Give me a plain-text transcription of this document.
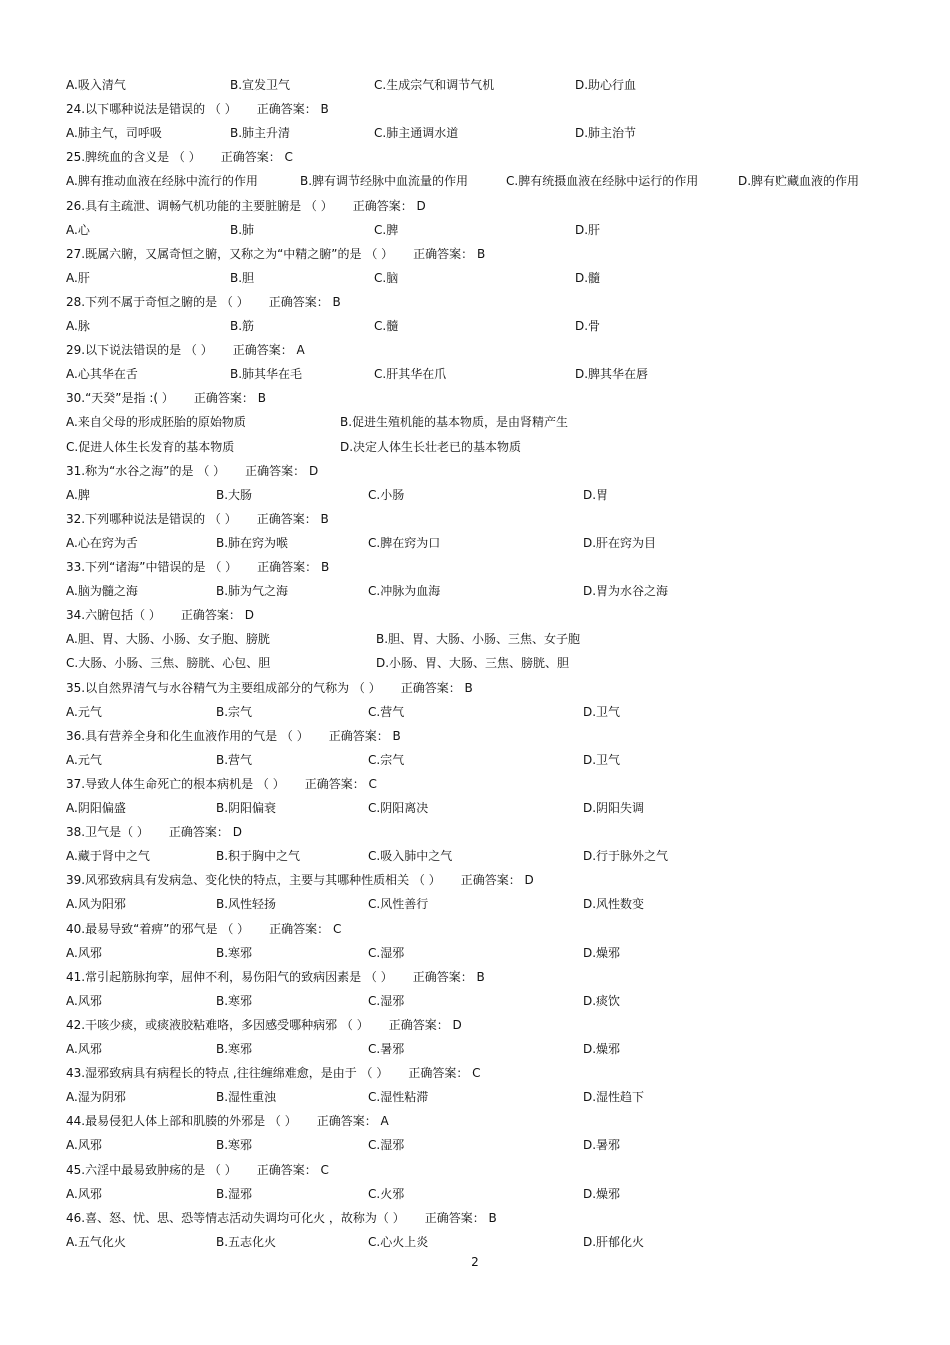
A.吸入清气	B.宣发卫气	C.生成宗气和调节气机	D.助心行血
24.以下哪种说法是错误的 （ ） 正确答案： B
A.肺主气，司呼吸	B.肺主升清	C.肺主通调水道	D.肺主治节
25.脾统血的含义是 （ ） 正确答案： C
A.脾有推动血液在经脉中流行的作用	B.脾有调节经脉中血流量的作用	C.脾有统摄血液在经脉中运行的作用	D.脾有贮藏血液的作用
26.具有主疏泄、调畅气机功能的主要脏腑是 （ ） 正确答案： D
A.心	B.肺	C.脾	D.肝
27.既属六腑，又属奇恒之腑，又称之为“中精之腑”的是 （ ） 正确答案： B
A.肝	B.胆	C.脑	D.髓
28.下列不属于奇恒之腑的是 （ ） 正确答案： B
A.脉	B.筋	C.髓	D.骨
29.以下说法错误的是 （ ） 正确答案： A
A.心其华在舌	B.肺其华在毛	C.肝其华在爪	D.脾其华在唇
30.“天癸”是指 :( ） 正确答案： B
A.来自父母的形成胚胎的原始物质	B.促进生殖机能的基本物质，是由肾精产生
C.促进人体生长发育的基本物质	D.决定人体生长壮老已的基本物质
31.称为“水谷之海”的是 （ ） 正确答案： D
A.脾	B.大肠	C.小肠	D.胃
32.下列哪种说法是错误的 （ ） 正确答案： B
A.心在窍为舌	B.肺在窍为喉	C.脾在窍为口	D.肝在窍为目
33.下列“诸海”中错误的是 （ ） 正确答案： B
A.脑为髓之海	B.肺为气之海	C.冲脉为血海	D.胃为水谷之海
34.六腑包括（ ） 正确答案： D
A.胆、胃、大肠、小肠、女子胞、膀胱	B.胆、胃、大肠、小肠、三焦、女子胞
C.大肠、小肠、三焦、膀胱、心包、胆	D.小肠、胃、大肠、三焦、膀胱、胆
35.以自然界清气与水谷精气为主要组成部分的气称为 （ ） 正确答案： B
A.元气	B.宗气	C.营气	D.卫气
36.具有营养全身和化生血液作用的气是 （ ） 正确答案： B
A.元气	B.营气	C.宗气	D.卫气
37.导致人体生命死亡的根本病机是 （ ） 正确答案： C
A.阴阳偏盛	B.阴阳偏衰	C.阴阳离决	D.阴阳失调
38.卫气是（ ） 正确答案： D
A.藏于肾中之气	B.积于胸中之气	C.吸入肺中之气	D.行于脉外之气
39.风邪致病具有发病急、变化快的特点，主要与其哪种性质相关 （ ） 正确答案： D
A.风为阳邪	B.风性轻扬	C.风性善行	D.风性数变
40.最易导致“着痹”的邪气是 （ ） 正确答案： C
A.风邪	B.寒邪	C.湿邪	D.燥邪
41.常引起筋脉拘挛，屈伸不利，易伤阳气的致病因素是 （ ） 正确答案： B
A.风邪	B.寒邪	C.湿邪	D.痰饮
42.干咳少痰，或痰液胶粘难咯，多因感受哪种病邪 （ ） 正确答案： D
A.风邪	B.寒邪	C.暑邪	D.燥邪
43.湿邪致病具有病程长的特点 ,往往缠绵难愈，是由于 （ ） 正确答案： C
A.湿为阴邪	B.湿性重浊	C.湿性粘滞	D.湿性趋下
44.最易侵犯人体上部和肌腠的外邪是 （ ） 正确答案： A
A.风邪	B.寒邪	C.湿邪	D.暑邪
45.六淫中最易致肿疡的是 （ ） 正确答案： C
A.风邪	B.湿邪	C.火邪	D.燥邪
46.喜、怒、忧、思、恐等情志活动失调均可化火 ，故称为（ ） 正确答案： B
A.五气化火	B.五志化火	C.心火上炎	D.肝郁化火
2
